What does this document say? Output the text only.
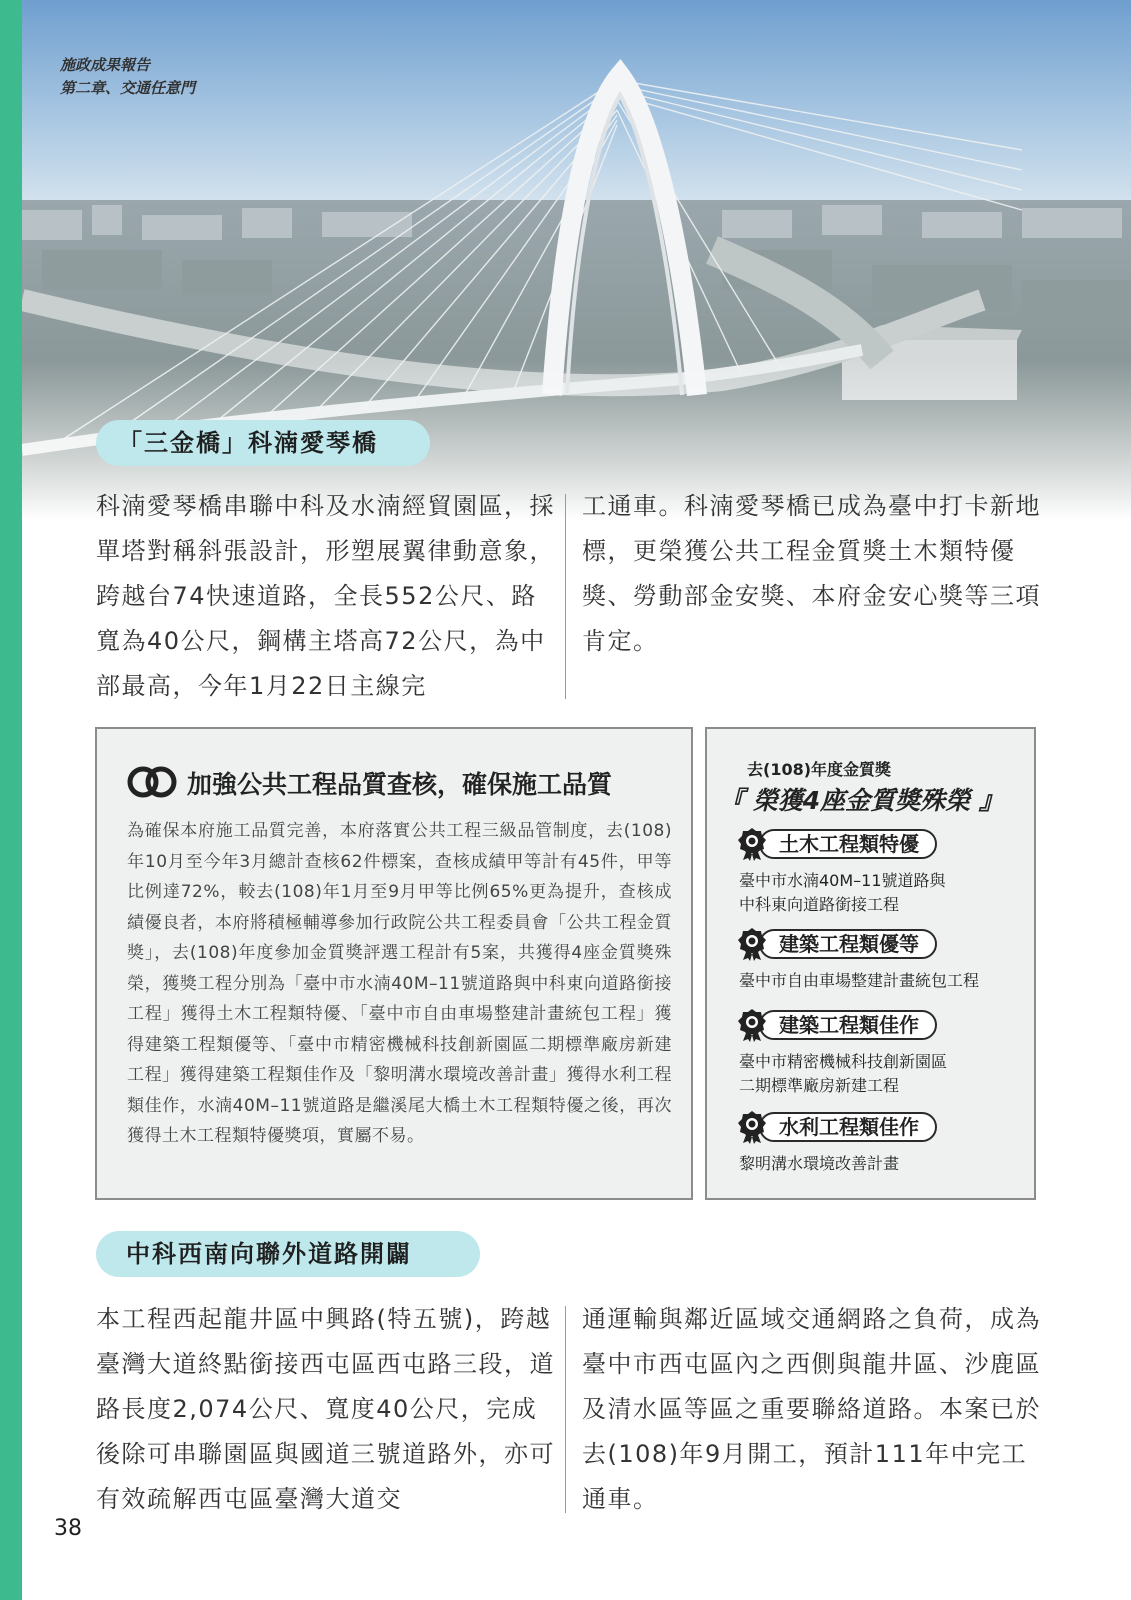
施政成果報告
第二章、交通任意門
「三金橋」科湳愛琴橋
科湳愛琴橋串聯中科及水湳經貿園區，採單塔對稱斜張設計，形塑展翼律動意象，跨越台74快速道路，全長552公尺、路寬為40公尺，鋼構主塔高72公尺，為中部最高，今年1月22日主線完
工通車。科湳愛琴橋已成為臺中打卡新地標，更榮獲公共工程金質獎土木類特優獎、勞動部金安獎、本府金安心獎等三項肯定。
加強公共工程品質查核，確保施工品質
為確保本府施工品質完善，本府落實公共工程三級品管制度，去(108)年10月至今年3月總計查核62件標案，查核成績甲等計有45件，甲等比例達72%，較去(108)年1月至9月甲等比例65%更為提升，查核成績優良者，本府將積極輔導參加行政院公共工程委員會「公共工程金質獎」，去(108)年度參加金質獎評選工程計有5案，共獲得4座金質獎殊榮，獲獎工程分別為「臺中市水湳40M–11號道路與中科東向道路銜接工程」獲得土木工程類特優、「臺中市自由車場整建計畫統包工程」獲得建築工程類優等、「臺中市精密機械科技創新園區二期標準廠房新建工程」獲得建築工程類佳作及「黎明溝水環境改善計畫」獲得水利工程類佳作，水湳40M–11號道路是繼溪尾大橋土木工程類特優之後，再次獲得土木工程類特優獎項，實屬不易。
去(108)年度金質獎
『 榮獲4座金質獎殊榮 』
土木工程類特優
臺中市水湳40M–11號道路與
中科東向道路銜接工程
建築工程類優等
臺中市自由車場整建計畫統包工程
建築工程類佳作
臺中市精密機械科技創新園區
二期標準廠房新建工程
水利工程類佳作
黎明溝水環境改善計畫
中科西南向聯外道路開闢
本工程西起龍井區中興路(特五號)，跨越臺灣大道終點銜接西屯區西屯路三段，道路長度2,074公尺、寬度40公尺，完成後除可串聯園區與國道三號道路外，亦可有效疏解西屯區臺灣大道交
通運輸與鄰近區域交通網路之負荷，成為臺中市西屯區內之西側與龍井區、沙鹿區及清水區等區之重要聯絡道路。本案已於去(108)年9月開工，預計111年中完工通車。
38
